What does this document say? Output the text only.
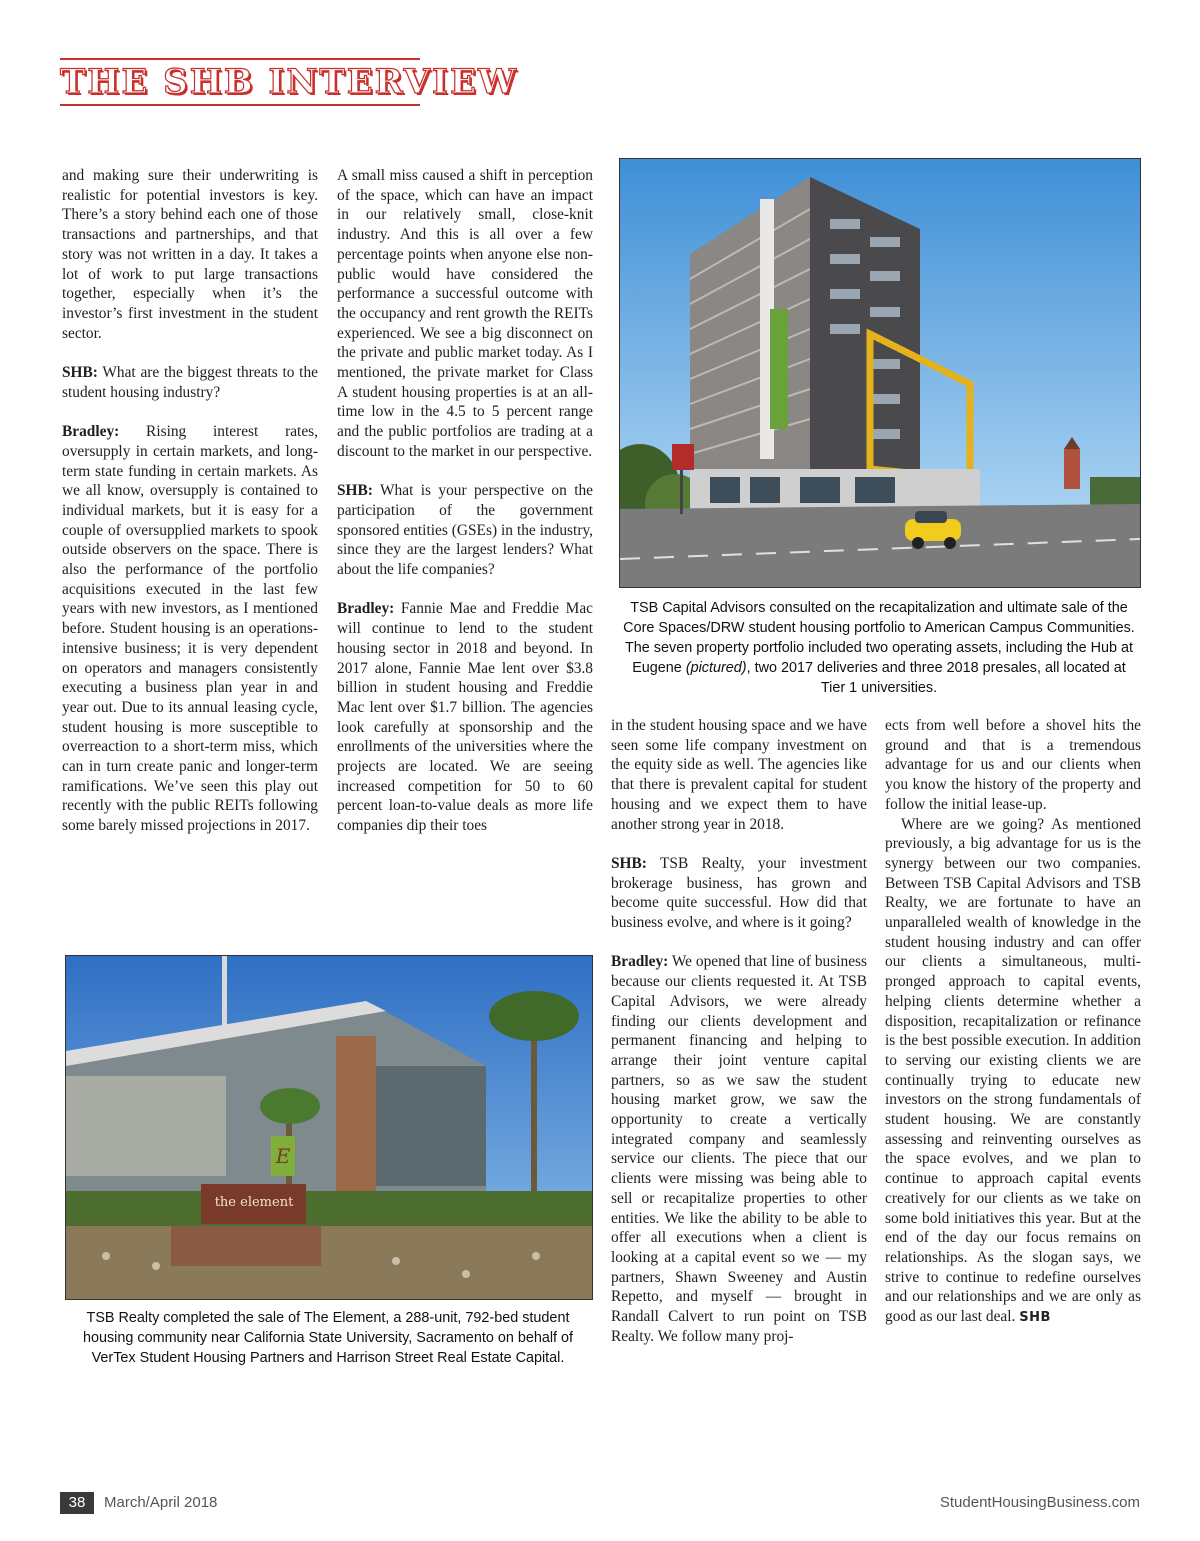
THE SHB INTERVIEW

and making sure their underwriting is realistic for potential investors is key. There’s a story behind each one of those transactions and partnerships, and that story was not written in a day. It takes a lot of work to put large transactions together, especially when it’s the investor’s first investment in the student sector.

SHB: What are the biggest threats to the student housing industry?

Bradley: Rising interest rates, oversupply in certain markets, and long-term state funding in certain markets. As we all know, oversupply is contained to individual markets, but it is easy for a couple of oversupplied markets to spook outside observers on the space. There is also the performance of the portfolio acquisitions executed in the last few years with new investors, as I mentioned before. Student housing is an operations-intensive business; it is very dependent on operators and managers consistently executing a business plan year in and year out. Due to its annual leasing cycle, student housing is more susceptible to overreaction to a short-term miss, which can in turn create panic and longer-term ramifications. We’ve seen this play out recently with the public REITs following some barely missed projections in 2017.

A small miss caused a shift in perception of the space, which can have an impact in our relatively small, close-knit industry. And this is all over a few percentage points when anyone else non-public would have considered the performance a successful outcome with the occupancy and rent growth the REITs experienced. We see a big disconnect on the private and public market today. As I mentioned, the private market for Class A student housing properties is at an all-time low in the 4.5 to 5 percent range and the public portfolios are trading at a discount to the market in our perspective.

SHB: What is your perspective on the participation of the government sponsored entities (GSEs) in the industry, since they are the largest lenders? What about the life companies?

Bradley: Fannie Mae and Freddie Mac will continue to lend to the student housing sector in 2018 and beyond. In 2017 alone, Fannie Mae lent over $3.8 billion in student housing and Freddie Mac lent over $1.7 billion. The agencies look carefully at sponsorship and the enrollments of the universities where the projects are located. We are seeing increased competition for 50 to 60 percent loan-to-value deals as more life companies dip their toes

TSB Capital Advisors consulted on the recapitalization and ultimate sale of the Core Spaces/DRW student housing portfolio to American Campus Communities. The seven property portfolio included two operating assets, including the Hub at Eugene (pictured), two 2017 deliveries and three 2018 presales, all located at Tier 1 universities.

in the student housing space and we have seen some life company investment on the equity side as well. The agencies like that there is prevalent capital for student housing and we expect them to have another strong year in 2018.

SHB: TSB Realty, your investment brokerage business, has grown and become quite successful. How did that business evolve, and where is it going?

Bradley: We opened that line of business because our clients requested it. At TSB Capital Advisors, we were already finding our clients development and permanent financing and helping to arrange their joint venture capital partners, so as we saw the student housing market grow, we saw the opportunity to create a vertically integrated company and seamlessly service our clients. The piece that our clients were missing was being able to sell or recapitalize properties to other entities. We like the ability to be able to offer all executions when a client is looking at a capital event so we — my partners, Shawn Sweeney and Austin Repetto, and myself — brought in Randall Calvert to run point on TSB Realty. We follow many proj-

ects from well before a shovel hits the ground and that is a tremendous advantage for us and our clients when you know the history of the property and follow the initial lease-up.

Where are we going? As mentioned previously, a big advantage for us is the synergy between our two companies. Between TSB Capital Advisors and TSB Realty, we are fortunate to have an unparalleled wealth of knowledge in the student housing industry and can offer our clients a simultaneous, multi-pronged approach to capital events, helping clients determine whether a disposition, recapitalization or refinance is the best possible execution. In addition to serving our existing clients we are continually trying to educate new investors on the strong fundamentals of student housing. We are constantly assessing and reinventing ourselves as the space evolves, and we plan to continue to approach capital events creatively for our clients as we take on some bold initiatives this year. But at the end of the day our focus remains on relationships. As the slogan says, we strive to continue to redefine ourselves and our relationships and we are only as good as our last deal. SHB

the element
E

TSB Realty completed the sale of The Element, a 288-unit, 792-bed student housing community near California State University, Sacramento on behalf of VerTex Student Housing Partners and Harrison Street Real Estate Capital.

38	March/April 2018	StudentHousingBusiness.com
